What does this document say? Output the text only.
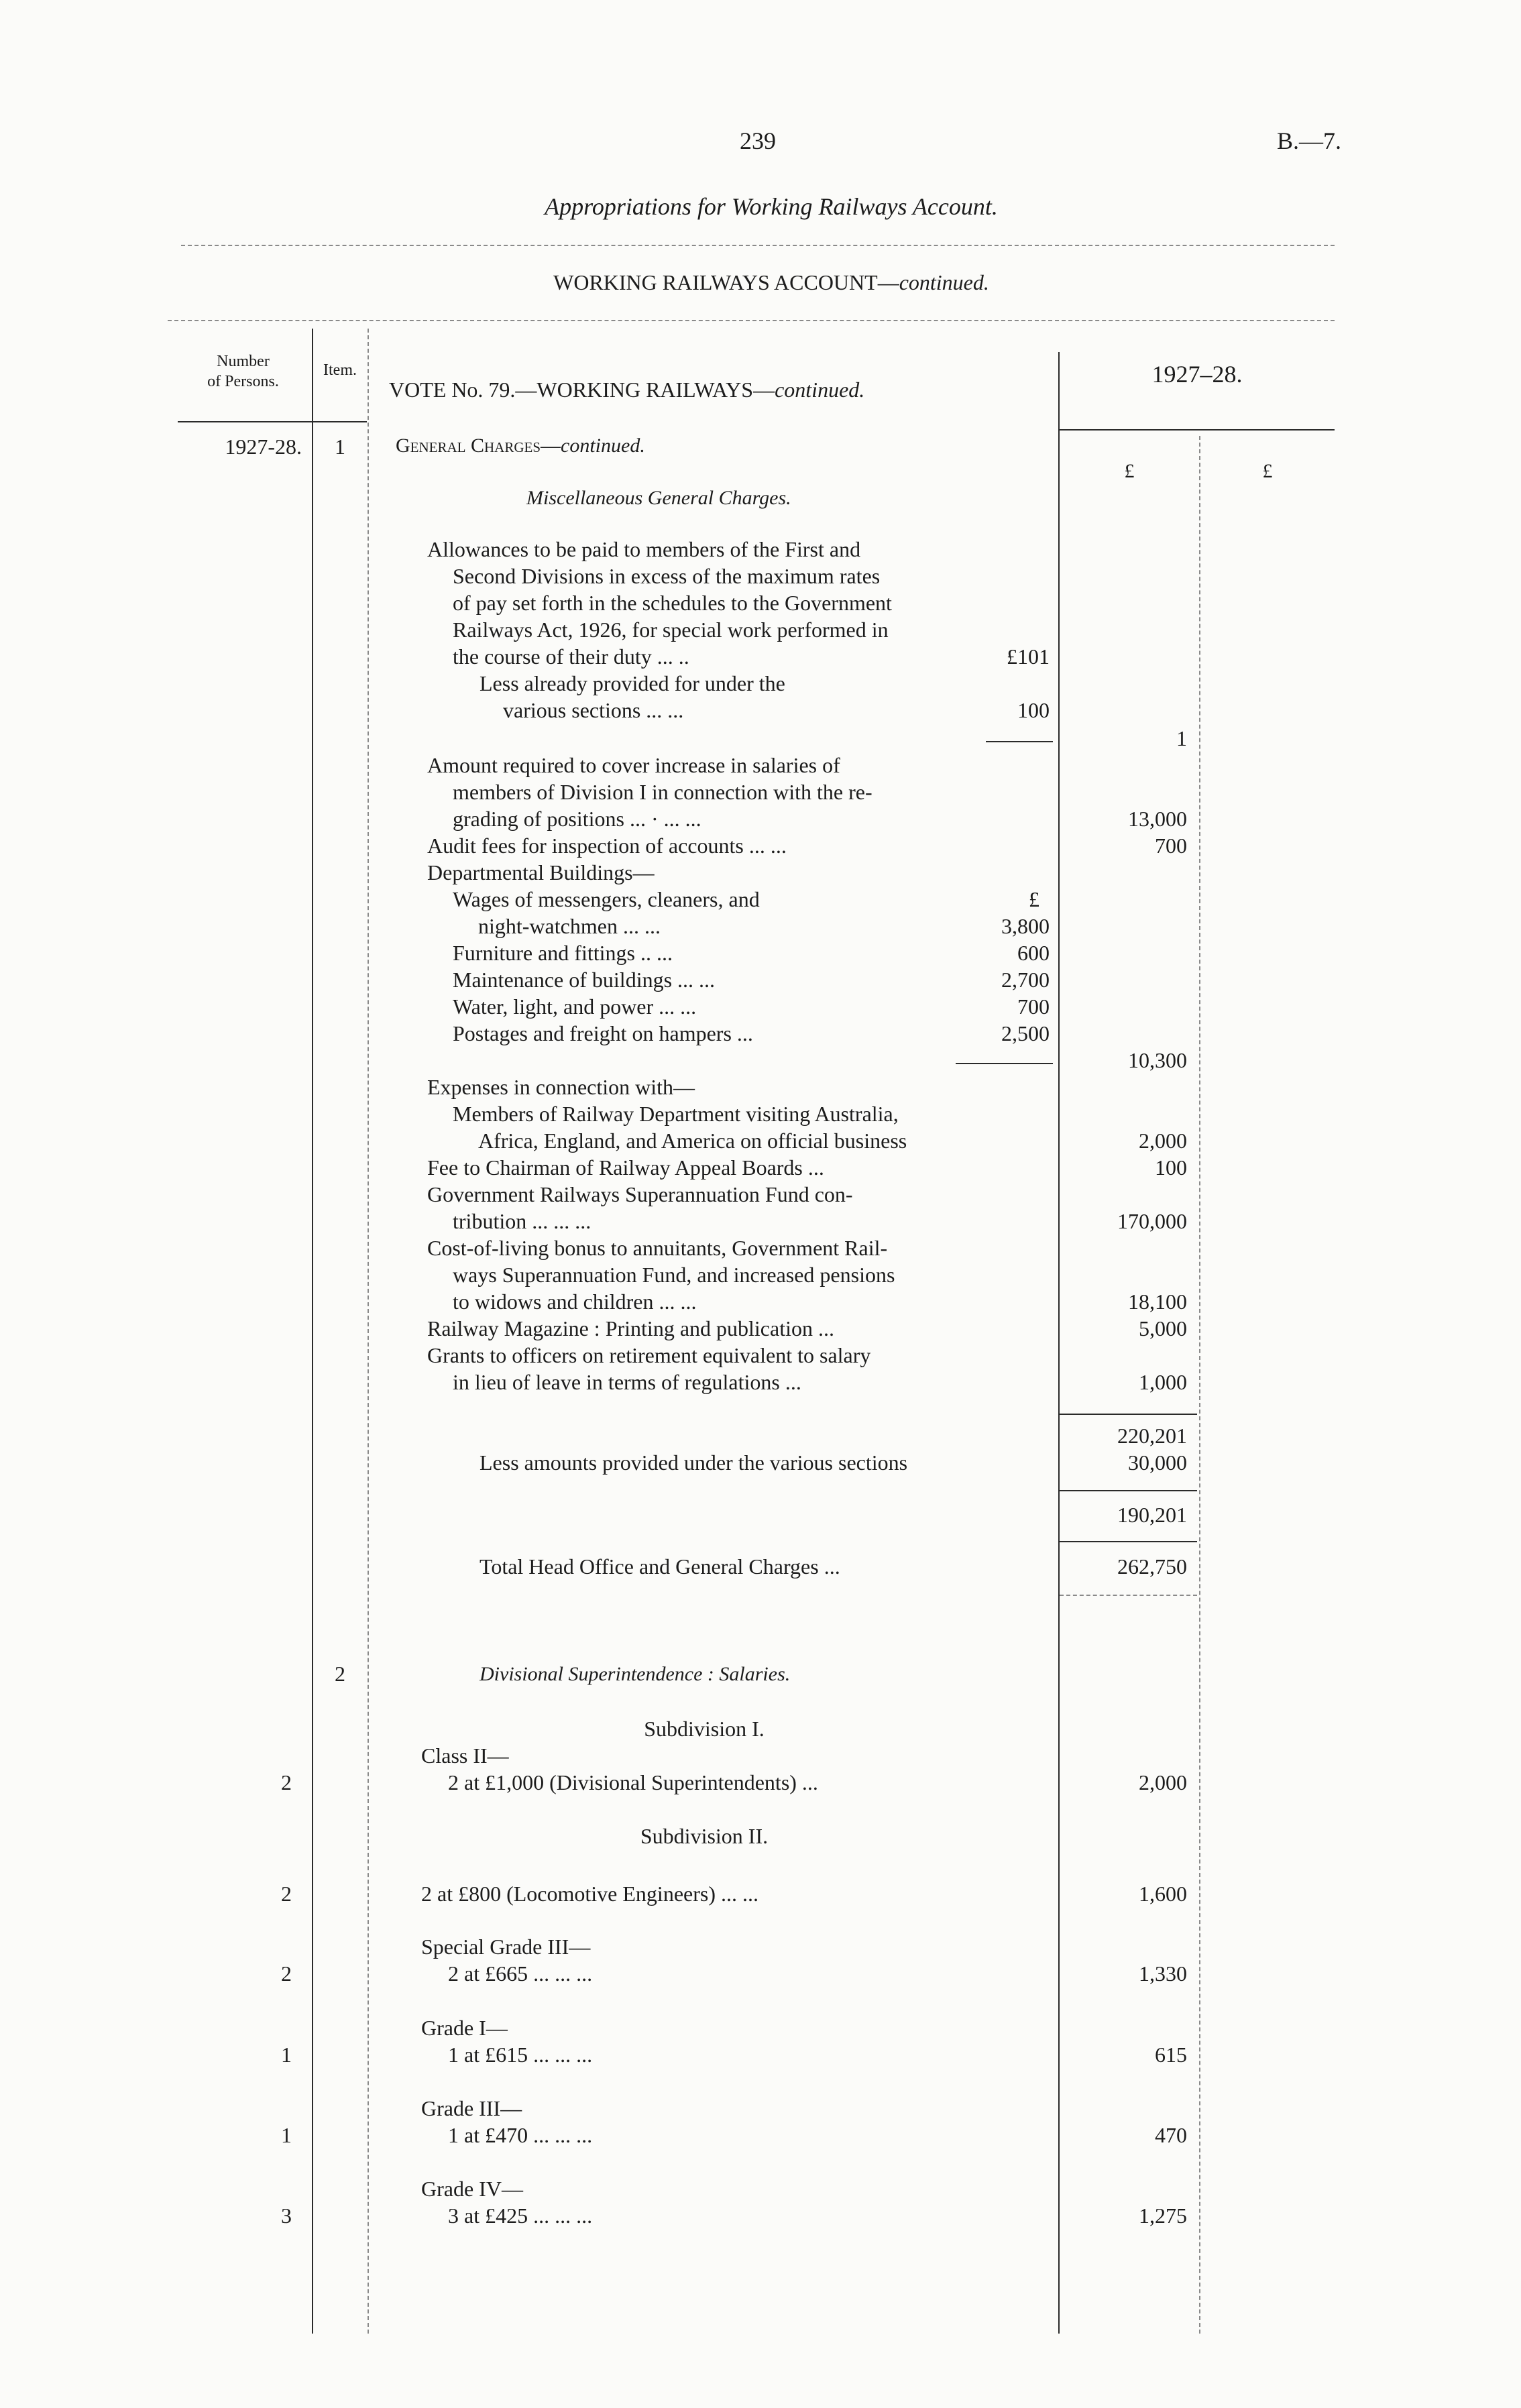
239	B.—7.
Appropriations for Working Railways Account.
WORKING RAILWAYS ACCOUNT—continued.
Number
of Persons.
Item.
VOTE No. 79.—WORKING RAILWAYS—continued.
1927–28.
1927-28.
£	£
1	General Charges—continued.
Miscellaneous General Charges.
Allowances to be paid to members of the First and
Second Divisions in excess of the maximum rates
of pay set forth in the schedules to the Government
Railways Act, 1926, for special work performed in
the course of their duty ... ..	£101
Less already provided for under the
various sections ... ...	100
1
Amount required to cover increase in salaries of
members of Division I in connection with the re-
grading of positions ... · ... ...	13,000
Audit fees for inspection of accounts ... ...	700
Departmental Buildings—
Wages of messengers, cleaners, and	£
night-watchmen ... ...	3,800
Furniture and fittings .. ...	600
Maintenance of buildings ... ...	2,700
Water, light, and power ... ...	700
Postages and freight on hampers ...	2,500
10,300
Expenses in connection with—
Members of Railway Department visiting Australia,
Africa, England, and America on official business	2,000
Fee to Chairman of Railway Appeal Boards ...	100
Government Railways Superannuation Fund con-
tribution ... ... ...	170,000
Cost-of-living bonus to annuitants, Government Rail-
ways Superannuation Fund, and increased pensions
to widows and children ... ...	18,100
Railway Magazine : Printing and publication ...	5,000
Grants to officers on retirement equivalent to salary
in lieu of leave in terms of regulations ...	1,000
220,201
Less amounts provided under the various sections	30,000
190,201
Total Head Office and General Charges ...	262,750
2	Divisional Superintendence : Salaries.
Subdivision I.
Class II—
2	2 at £1,000 (Divisional Superintendents) ...	2,000
Subdivision II.
2	2 at £800 (Locomotive Engineers) ... ...	1,600
Special Grade III—
2	2 at £665 ... ... ...	1,330
Grade I—
1	1 at £615 ... ... ...	615
Grade III—
1	1 at £470 ... ... ...	470
Grade IV—
3	3 at £425 ... ... ...	1,275
